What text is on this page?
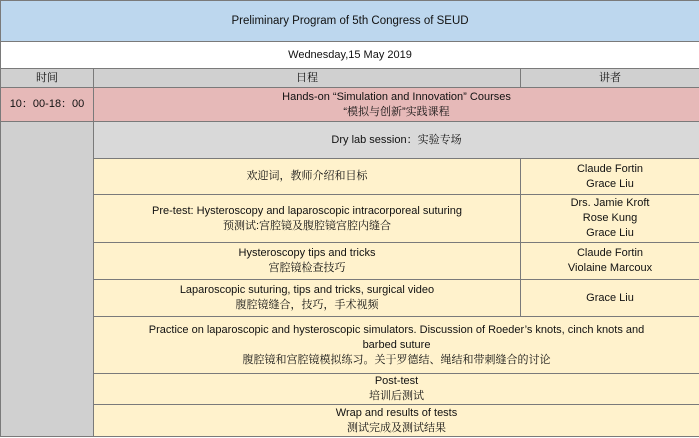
Preliminary Program of 5th Congress of SEUD		
Wednesday,15 May 2019		
时间	日程	讲者
10：00-18：00	Hands-on “Simulation and Innovation” Courses
“模拟与创新”实践课程	

	Dry lab session：实验专场	
	欢迎词，教师介绍和目标	Claude Fortin
Grace Liu

	Pre-test: Hysteroscopy and laparoscopic intracorporeal suturing
预测试:宫腔镜及腹腔镜宫腔内缝合	Drs. Jamie Kroft
Rose Kung
Grace Liu

	Hysteroscopy tips and tricks
宫腔镜检查技巧	Claude Fortin
Violaine Marcoux

	Laparoscopic suturing, tips and tricks, surgical video
腹腔镜缝合，技巧，手术视频	Grace Liu

	Practice on laparoscopic and hysteroscopic simulators. Discussion of Roeder’s knots, cinch knots and
barbed suture
腹腔镜和宫腔镜模拟练习。关于罗德结、绳结和带刺缝合的讨论	

	Post-test
培训后测试	

	Wrap and results of tests
测试完成及测试结果	
